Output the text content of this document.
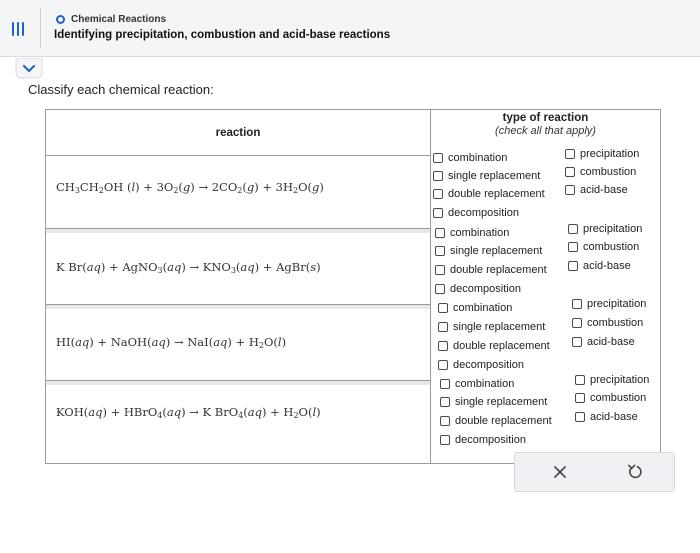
Chemical Reactions
Identifying precipitation, combustion and acid-base reactions
Classify each chemical reaction:
reaction
type of reaction
(check all that apply)
$CH_3CH_2OH$ $(l) + 3O_2(g) \to 2CO_2(g) + 3H_2O(g)$
K Br(aq) + AgNO$_3$(aq) → $KNO_3(aq)$ + AgBr(s)
HI(aq) + NaOH(aq) → $NaI(aq) + H_2O(l)$
KOH(aq) + HBrO$_4$(aq) → K $BrO_4(aq) + H_2O(l)$
combination
single replacement
double replacement
decomposition
precipitation
combustion
acid-base
combination
single replacement
double replacement
decomposition
precipitation
combustion
acid-base
combination
single replacement
double replacement
decomposition
precipitation
combustion
acid-base
combination
single replacement
double replacement
decomposition
precipitation
combustion
acid-base
